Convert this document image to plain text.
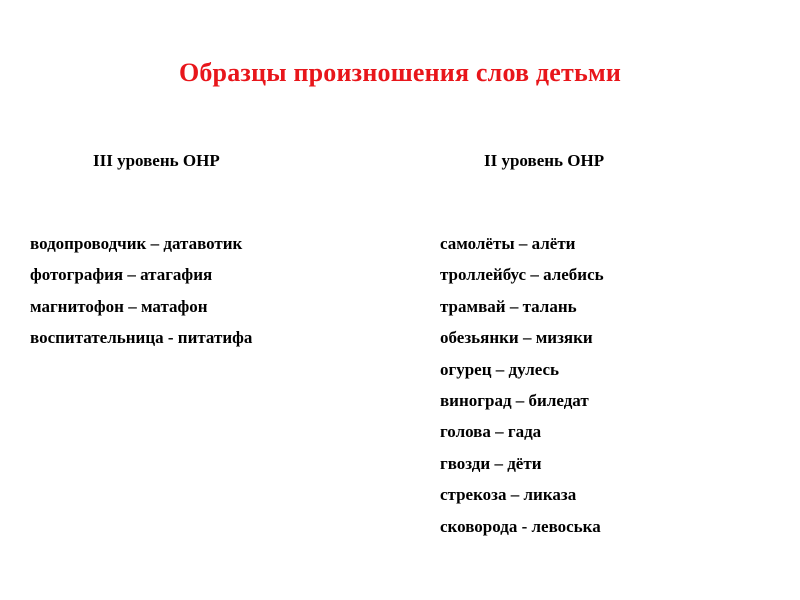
Образцы произношения слов детьми
III уровень ОНР	II уровень ОНР
водопроводчик – датавотик
фотография – атагафия
магнитофон – матафон
воспитательница - питатифа
самолёты – алёти
троллейбус – алебись
трамвай – талань
обезьянки – мизяки
огурец – дулесь
виноград – биледат
голова – гада
гвозди – дёти
стрекоза – ликаза
сковорода - левоська
